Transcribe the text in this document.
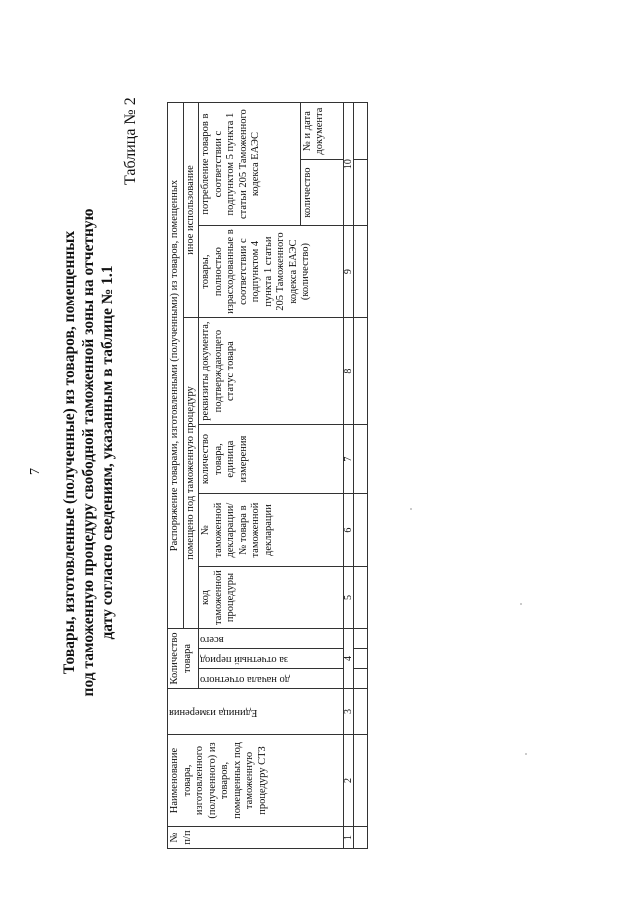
7 Товары, изготовленные (полученные) из товаров, помещенных под таможенную процедуру свободной таможенной зоны на отчетную дату согласно сведениям, указанным в таблице № 1.1
Таблица № 2
№ п/п	Наименование товара, изготовленного (полученного) из товаров, помещенных под таможенную процедуру СТЗ	Единица измерения	Количество товара			Распоряжение товарами, изготовленными (полученными) из товаров, помещенных						
						помещено под таможенную процедуру				иное использование		

			до начала отчетного	за отчетный период	всего	код таможенной процедуры	№ таможенной декларации/ № товара в таможенной декларации	количество товара, единица измерения	реквизиты документа, подтверждающего статус товара	товары, полностью израсходованные в соответствии с подпунктом 4 пункта 1 статьи 205 Таможенного кодекса ЕАЭС (количество)	потребление товаров в соответствии с подпунктом 5 пункта 1 статьи 205 Таможенного кодекса ЕАЭС	
											количество	№ и дата документа
1	2	3	4			5	6	7	8	9	10	
